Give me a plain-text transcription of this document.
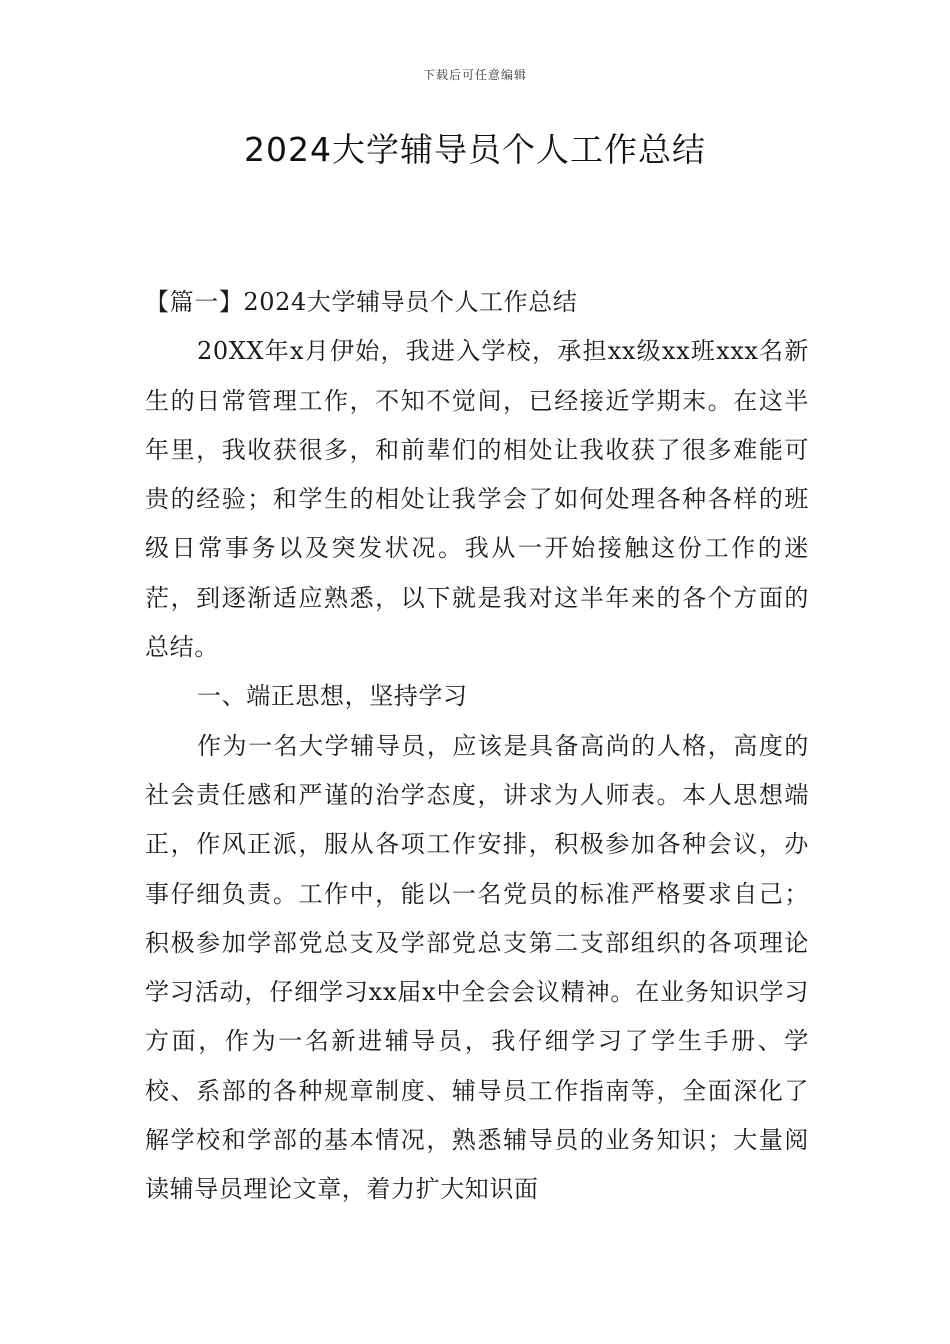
下载后可任意编辑
2024大学辅导员个人工作总结

【篇一】2024大学辅导员个人工作总结

20XX年x月伊始，我进入学校，承担xx级xx班xxx名新生的日常管理工作，不知不觉间，已经接近学期末。在这半年里，我收获很多，和前辈们的相处让我收获了很多难能可贵的经验；和学生的相处让我学会了如何处理各种各样的班级日常事务以及突发状况。我从一开始接触这份工作的迷茫，到逐渐适应熟悉，以下就是我对这半年来的各个方面的总结。

一、端正思想，坚持学习

作为一名大学辅导员，应该是具备高尚的人格，高度的社会责任感和严谨的治学态度，讲求为人师表。本人思想端正，作风正派，服从各项工作安排，积极参加各种会议，办事仔细负责。工作中，能以一名党员的标准严格要求自己；积极参加学部党总支及学部党总支第二支部组织的各项理论学习活动，仔细学习xx届x中全会会议精神。在业务知识学习方面，作为一名新进辅导员，我仔细学习了学生手册、学校、系部的各种规章制度、辅导员工作指南等，全面深化了解学校和学部的基本情况，熟悉辅导员的业务知识；大量阅读辅导员理论文章，着力扩大知识面
